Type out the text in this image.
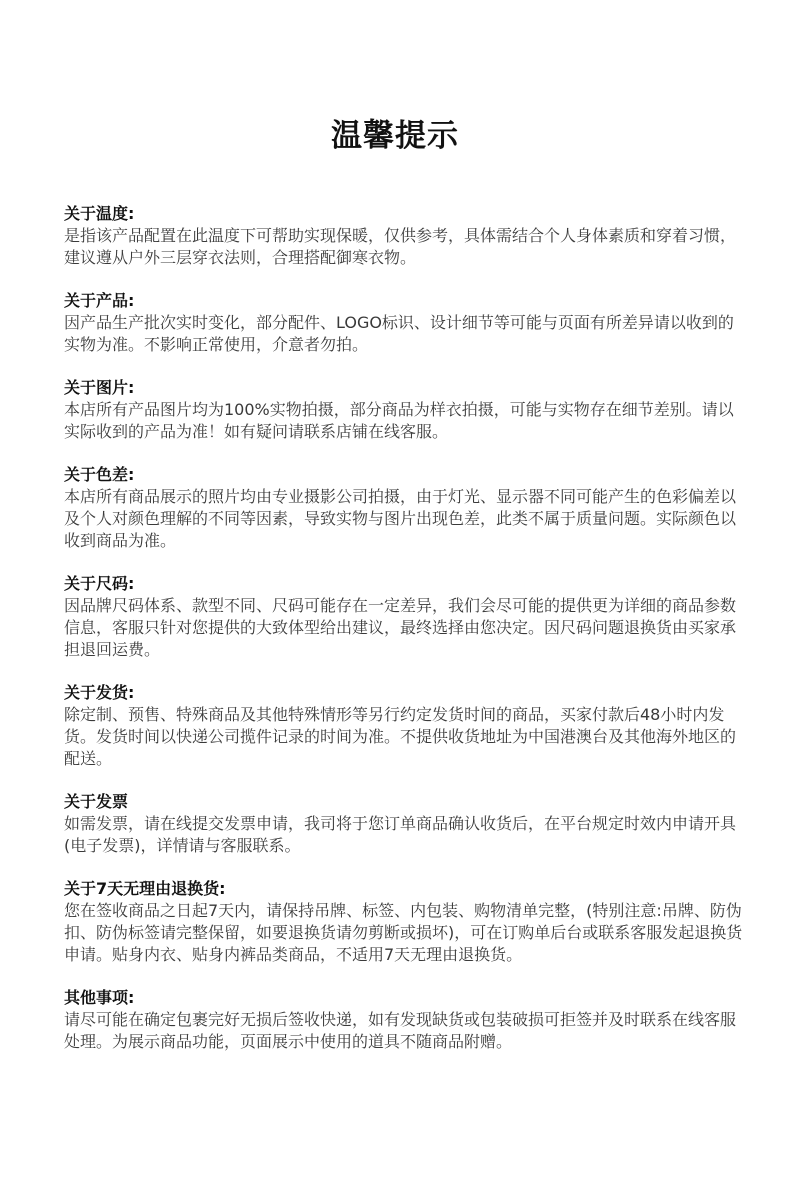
温馨提示

关于温度:

是指该产品配置在此温度下可帮助实现保暖，仅供参考，具体需结合个人身体素质和穿着习惯，建议遵从户外三层穿衣法则，合理搭配御寒衣物。

关于产品:

因产品生产批次实时变化，部分配件、LOGO标识、设计细节等可能与页面有所差异请以收到的实物为准。不影响正常使用，介意者勿拍。

关于图片:

本店所有产品图片均为100%实物拍摄，部分商品为样衣拍摄，可能与实物存在细节差别。请以实际收到的产品为准！如有疑问请联系店铺在线客服。

关于色差:

本店所有商品展示的照片均由专业摄影公司拍摄，由于灯光、显示器不同可能产生的色彩偏差以及个人对颜色理解的不同等因素，导致实物与图片出现色差，此类不属于质量问题。实际颜色以收到商品为准。

关于尺码:

因品牌尺码体系、款型不同、尺码可能存在一定差异，我们会尽可能的提供更为详细的商品参数信息，客服只针对您提供的大致体型给出建议，最终选择由您决定。因尺码问题退换货由买家承担退回运费。

关于发货:

除定制、预售、特殊商品及其他特殊情形等另行约定发货时间的商品，买家付款后48小时内发货。发货时间以快递公司揽件记录的时间为准。不提供收货地址为中国港澳台及其他海外地区的配送。

关于发票

如需发票，请在线提交发票申请，我司将于您订单商品确认收货后，在平台规定时效内申请开具(电子发票)，详情请与客服联系。

关于7天无理由退换货:

您在签收商品之日起7天内，请保持吊牌、标签、内包装、购物清单完整，(特别注意:吊牌、防伪扣、防伪标签请完整保留，如要退换货请勿剪断或损坏)，可在订购单后台或联系客服发起退换货申请。贴身内衣、贴身内裤品类商品，不适用7天无理由退换货。

其他事项:

请尽可能在确定包裹完好无损后签收快递，如有发现缺货或包装破损可拒签并及时联系在线客服处理。为展示商品功能，页面展示中使用的道具不随商品附赠。
